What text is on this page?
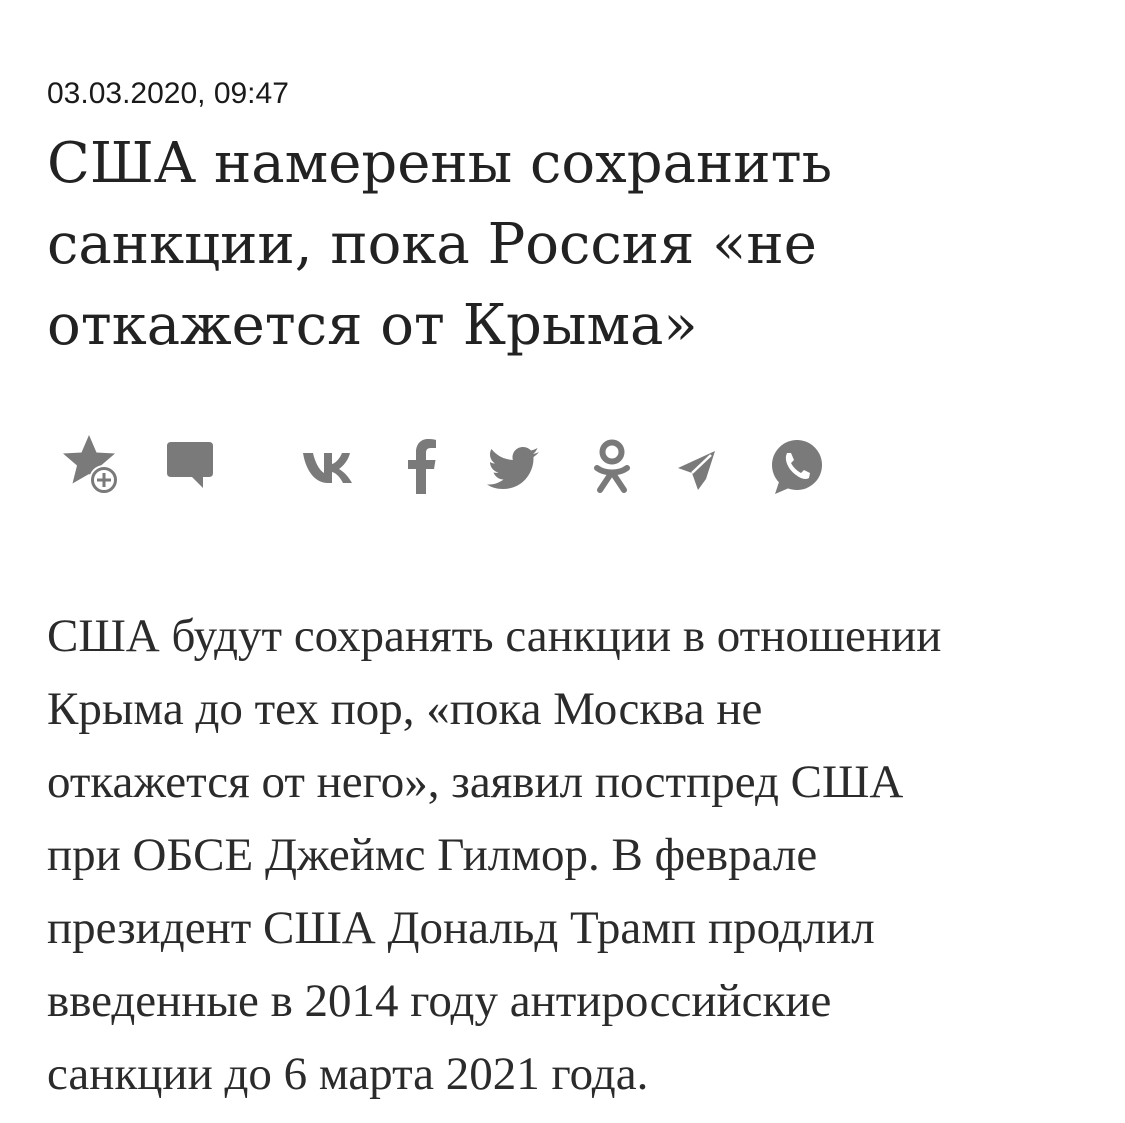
03.03.2020, 09:47
США намерены сохранить
санкции, пока Россия «не
откажется от Крыма»

США будут сохранять санкции в отношении
Крыма до тех пор, «пока Москва не
откажется от него», заявил постпред США
при ОБСЕ Джеймс Гилмор. В феврале
президент США Дональд Трамп продлил
введенные в 2014 году антироссийские
санкции до 6 марта 2021 года.
